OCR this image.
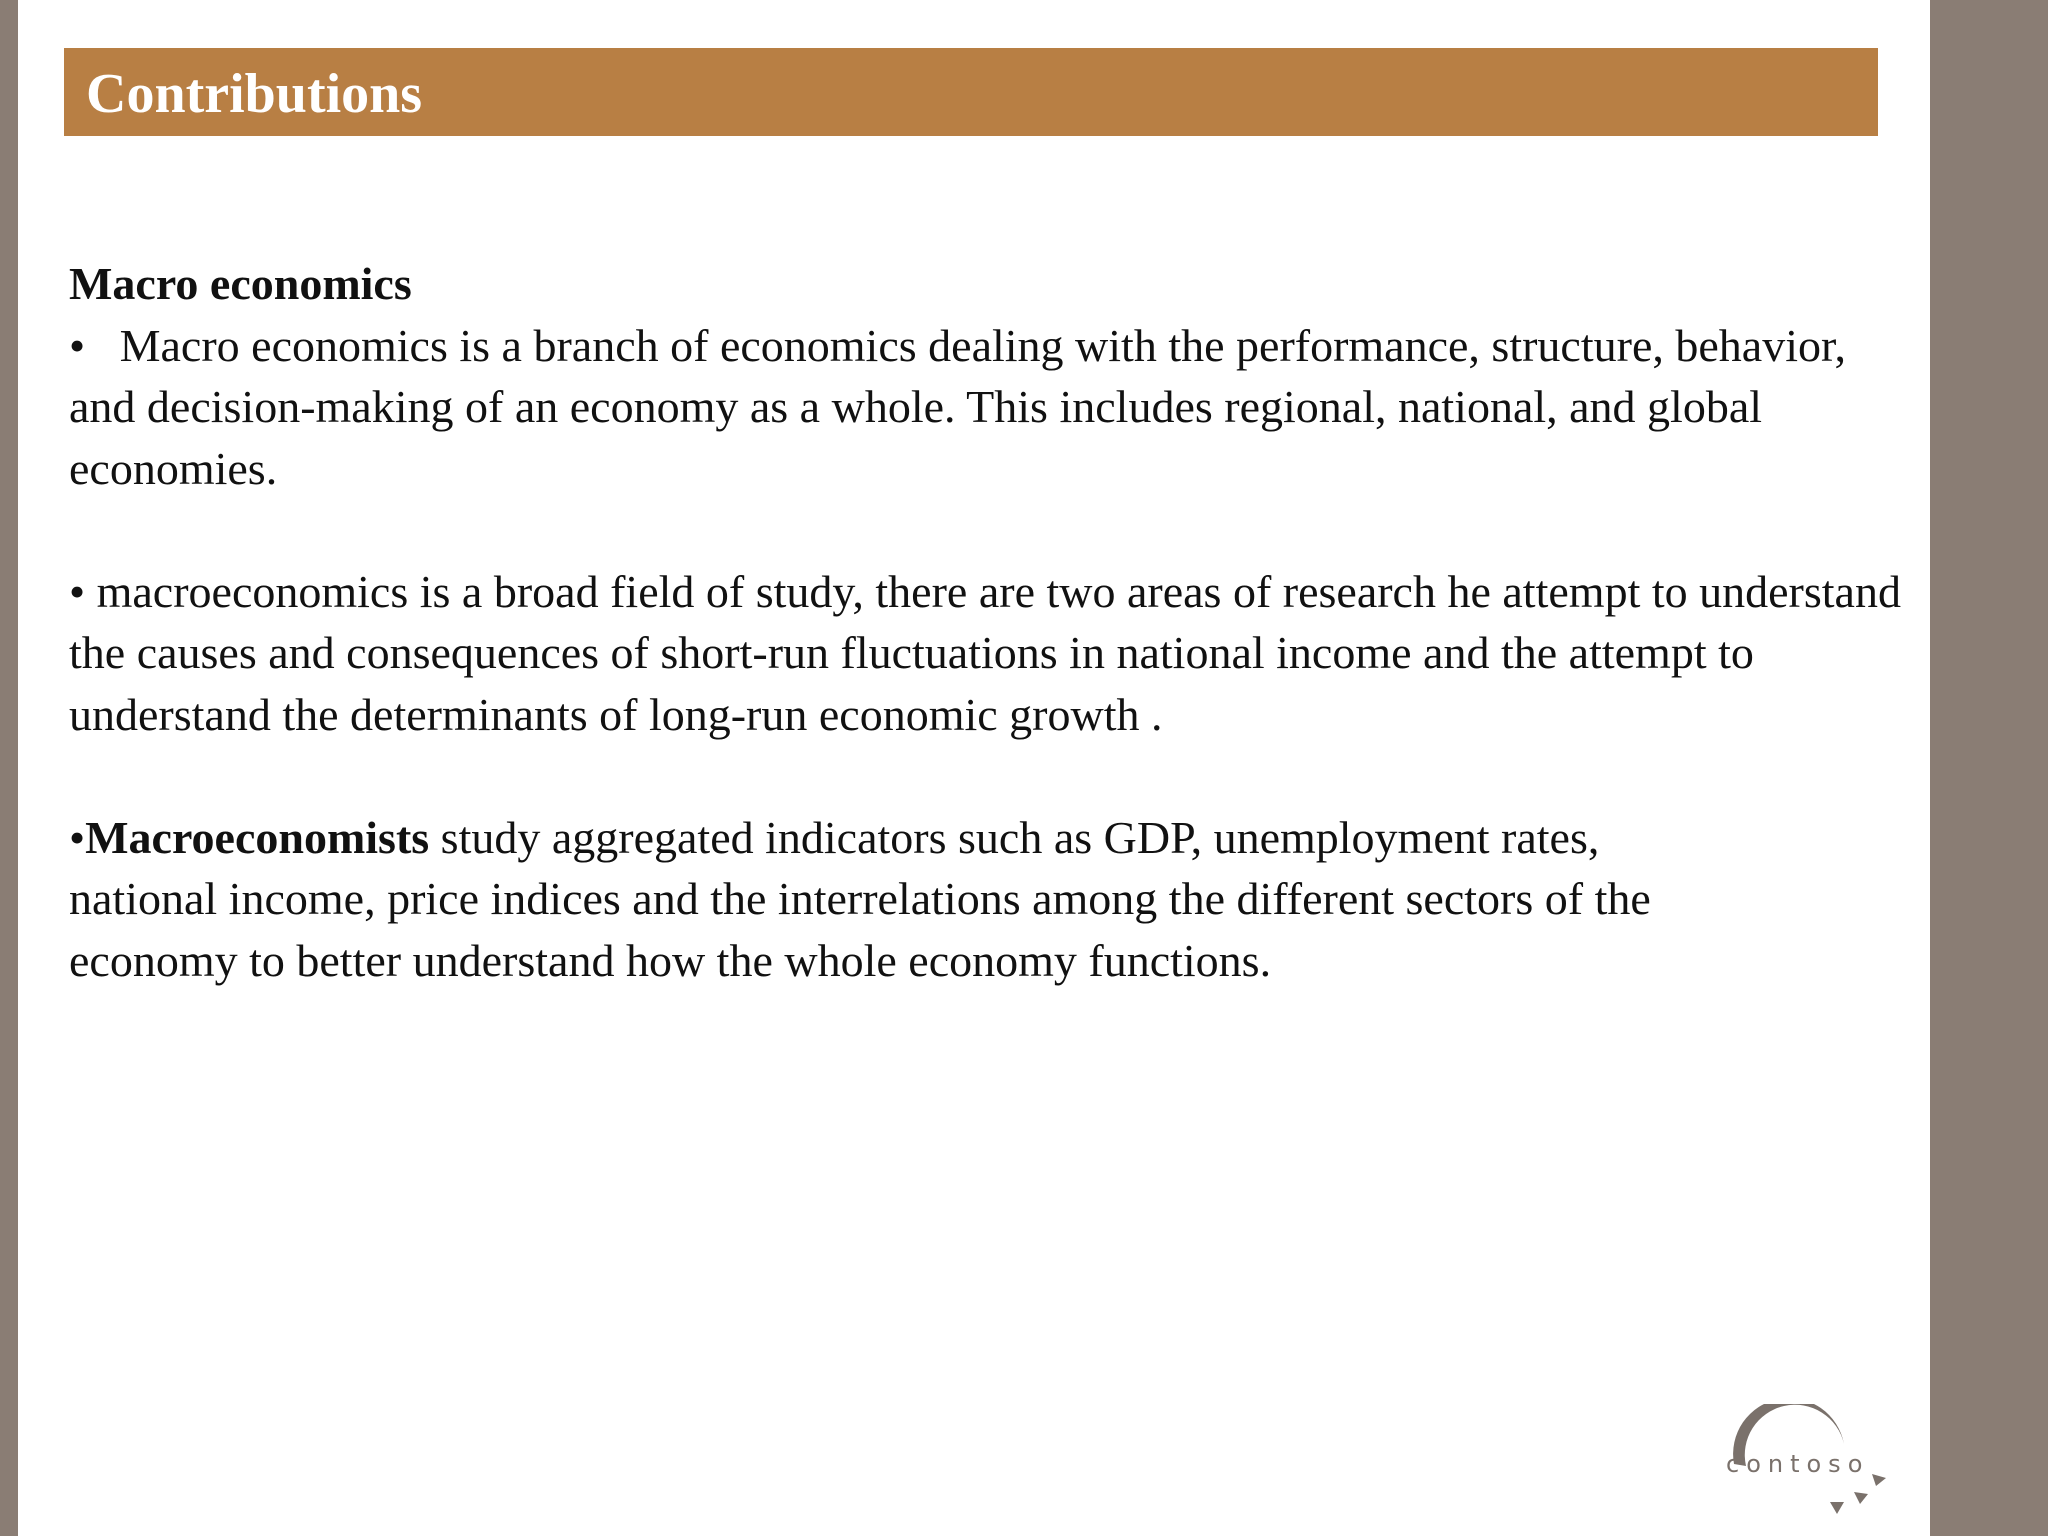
Contributions

Macro economics

•   Macro economics is a branch of economics dealing with the performance, structure, behavior, and decision-making of an economy as a whole. This includes regional, national, and global economies.

• macroeconomics is a broad field of study, there are two areas of research he attempt to understand the causes and consequences of short-run fluctuations in national income and the attempt to understand the determinants of long-run economic growth .

•Macroeconomists study aggregated indicators such as GDP, unemployment rates, national income, price indices and the interrelations among the different sectors of the economy to better understand how the whole economy functions.

contoso
